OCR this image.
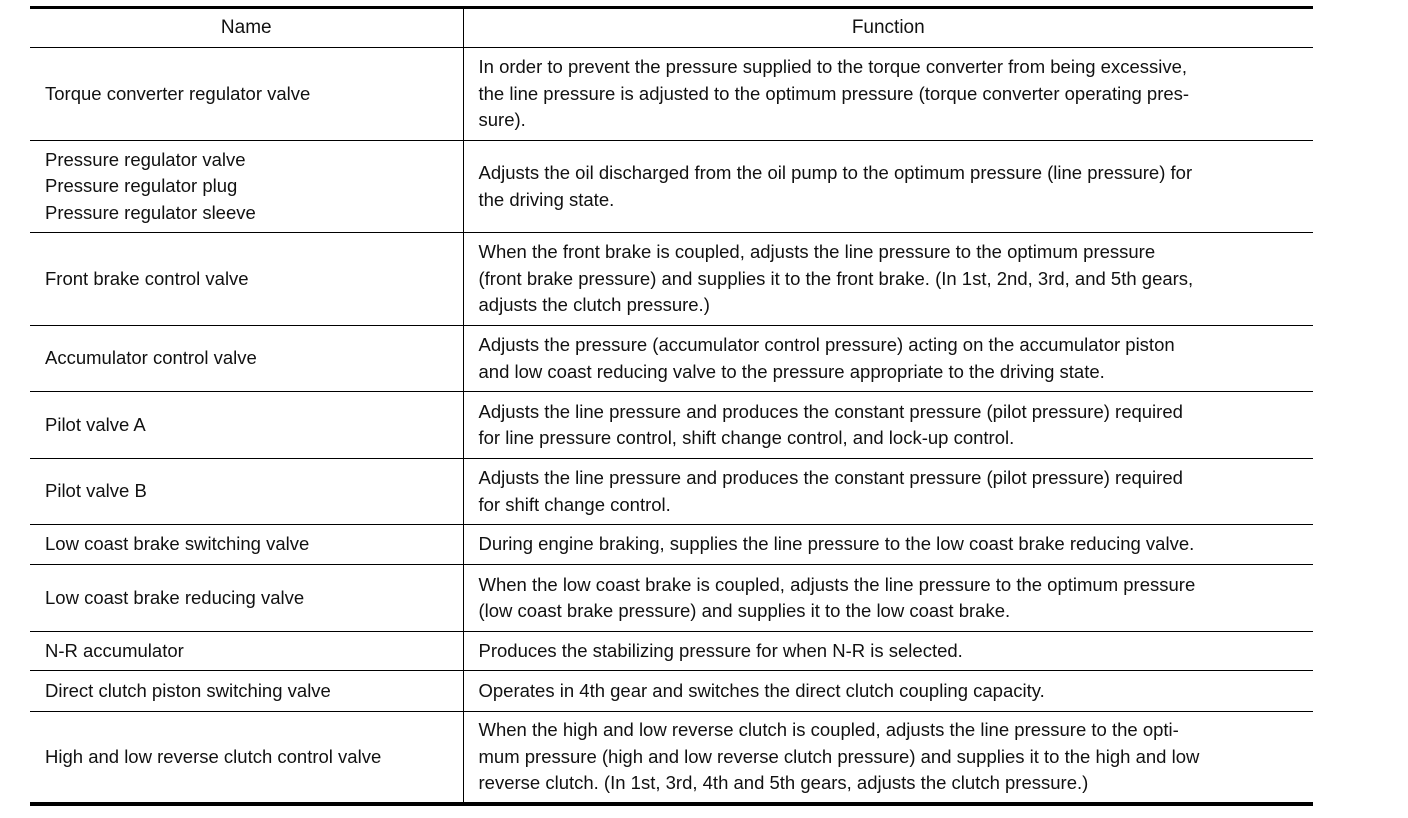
Name	Function

Torque converter regulator valve	In order to prevent the pressure supplied to the torque converter from being excessive,
the line pressure is adjusted to the optimum pressure (torque converter operating pres-
sure).

Pressure regulator valve
Pressure regulator plug
Pressure regulator sleeve	Adjusts the oil discharged from the oil pump to the optimum pressure (line pressure) for
the driving state.

Front brake control valve	When the front brake is coupled, adjusts the line pressure to the optimum pressure
(front brake pressure) and supplies it to the front brake. (In 1st, 2nd, 3rd, and 5th gears,
adjusts the clutch pressure.)

Accumulator control valve	Adjusts the pressure (accumulator control pressure) acting on the accumulator piston
and low coast reducing valve to the pressure appropriate to the driving state.

Pilot valve A	Adjusts the line pressure and produces the constant pressure (pilot pressure) required
for line pressure control, shift change control, and lock-up control.

Pilot valve B	Adjusts the line pressure and produces the constant pressure (pilot pressure) required
for shift change control.

Low coast brake switching valve	During engine braking, supplies the line pressure to the low coast brake reducing valve.

Low coast brake reducing valve	When the low coast brake is coupled, adjusts the line pressure to the optimum pressure
(low coast brake pressure) and supplies it to the low coast brake.

N-R accumulator	Produces the stabilizing pressure for when N-R is selected.

Direct clutch piston switching valve	Operates in 4th gear and switches the direct clutch coupling capacity.

High and low reverse clutch control valve	When the high and low reverse clutch is coupled, adjusts the line pressure to the opti-
mum pressure (high and low reverse clutch pressure) and supplies it to the high and low
reverse clutch. (In 1st, 3rd, 4th and 5th gears, adjusts the clutch pressure.)
